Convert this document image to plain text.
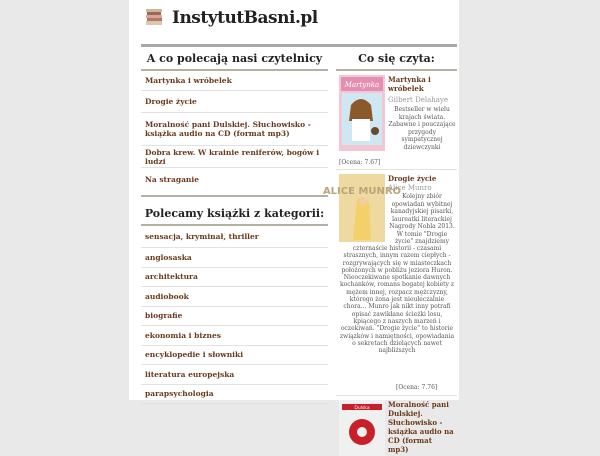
InstytutBasni.pl
A co polecają nasi czytelnicy
Martynka i wróbelek
Drogie życie
Moralność pani Dulskiej. Słuchowisko - książka audio na CD (format mp3)
Dobra krew. W krainie reniferów, bogów i ludzi
Na straganie
Polecamy książki z kategorii:
sensacja, kryminał, thriller
anglosaska
architektura
audiobook
biografie
ekonomia i biznes
encyklopedie i słowniki
literatura europejska
parapsychologia
Co się czyta:
Martynka
Martynka i wróbelek
Gilbert Delahaye
Bestseller w wielu krajach świata. Zabawne i pouczające przygody sympatycznej dziewczynki
[Ocena: 7.67]
ALICE MUNRO
Drogie życie
Alice Munro
Kolejny zbiór opowiadań wybitnej kanadyjskiej pisarki, laureatki literackiej Nagrody Nobla 2013. W tomie "Drogie życie" znajdziemy
czternaście historii - czasami strasznych, innym razem ciepłych - rozgrywających się w miasteczkach położonych w pobliżu jeziora Huron. Nieoczekiwane spotkanie dawnych kochanków, romans bogatej kobiety z mężem innej, rozpacz mężczyzny, którego żona jest nieuleczalnie chora... Munro jak nikt inny potrafi opisać zawikłane ścieżki losu, kpiącego z naszych marzeń i oczekiwań. "Drogie życie" to historie związków i namiętności, opowiadania o sekretach dzielących nawet najbliższych
[Ocena: 7.76]
Dulska	Moralność pani Dulskiej. Słuchowisko - książka audio na CD (format mp3)
